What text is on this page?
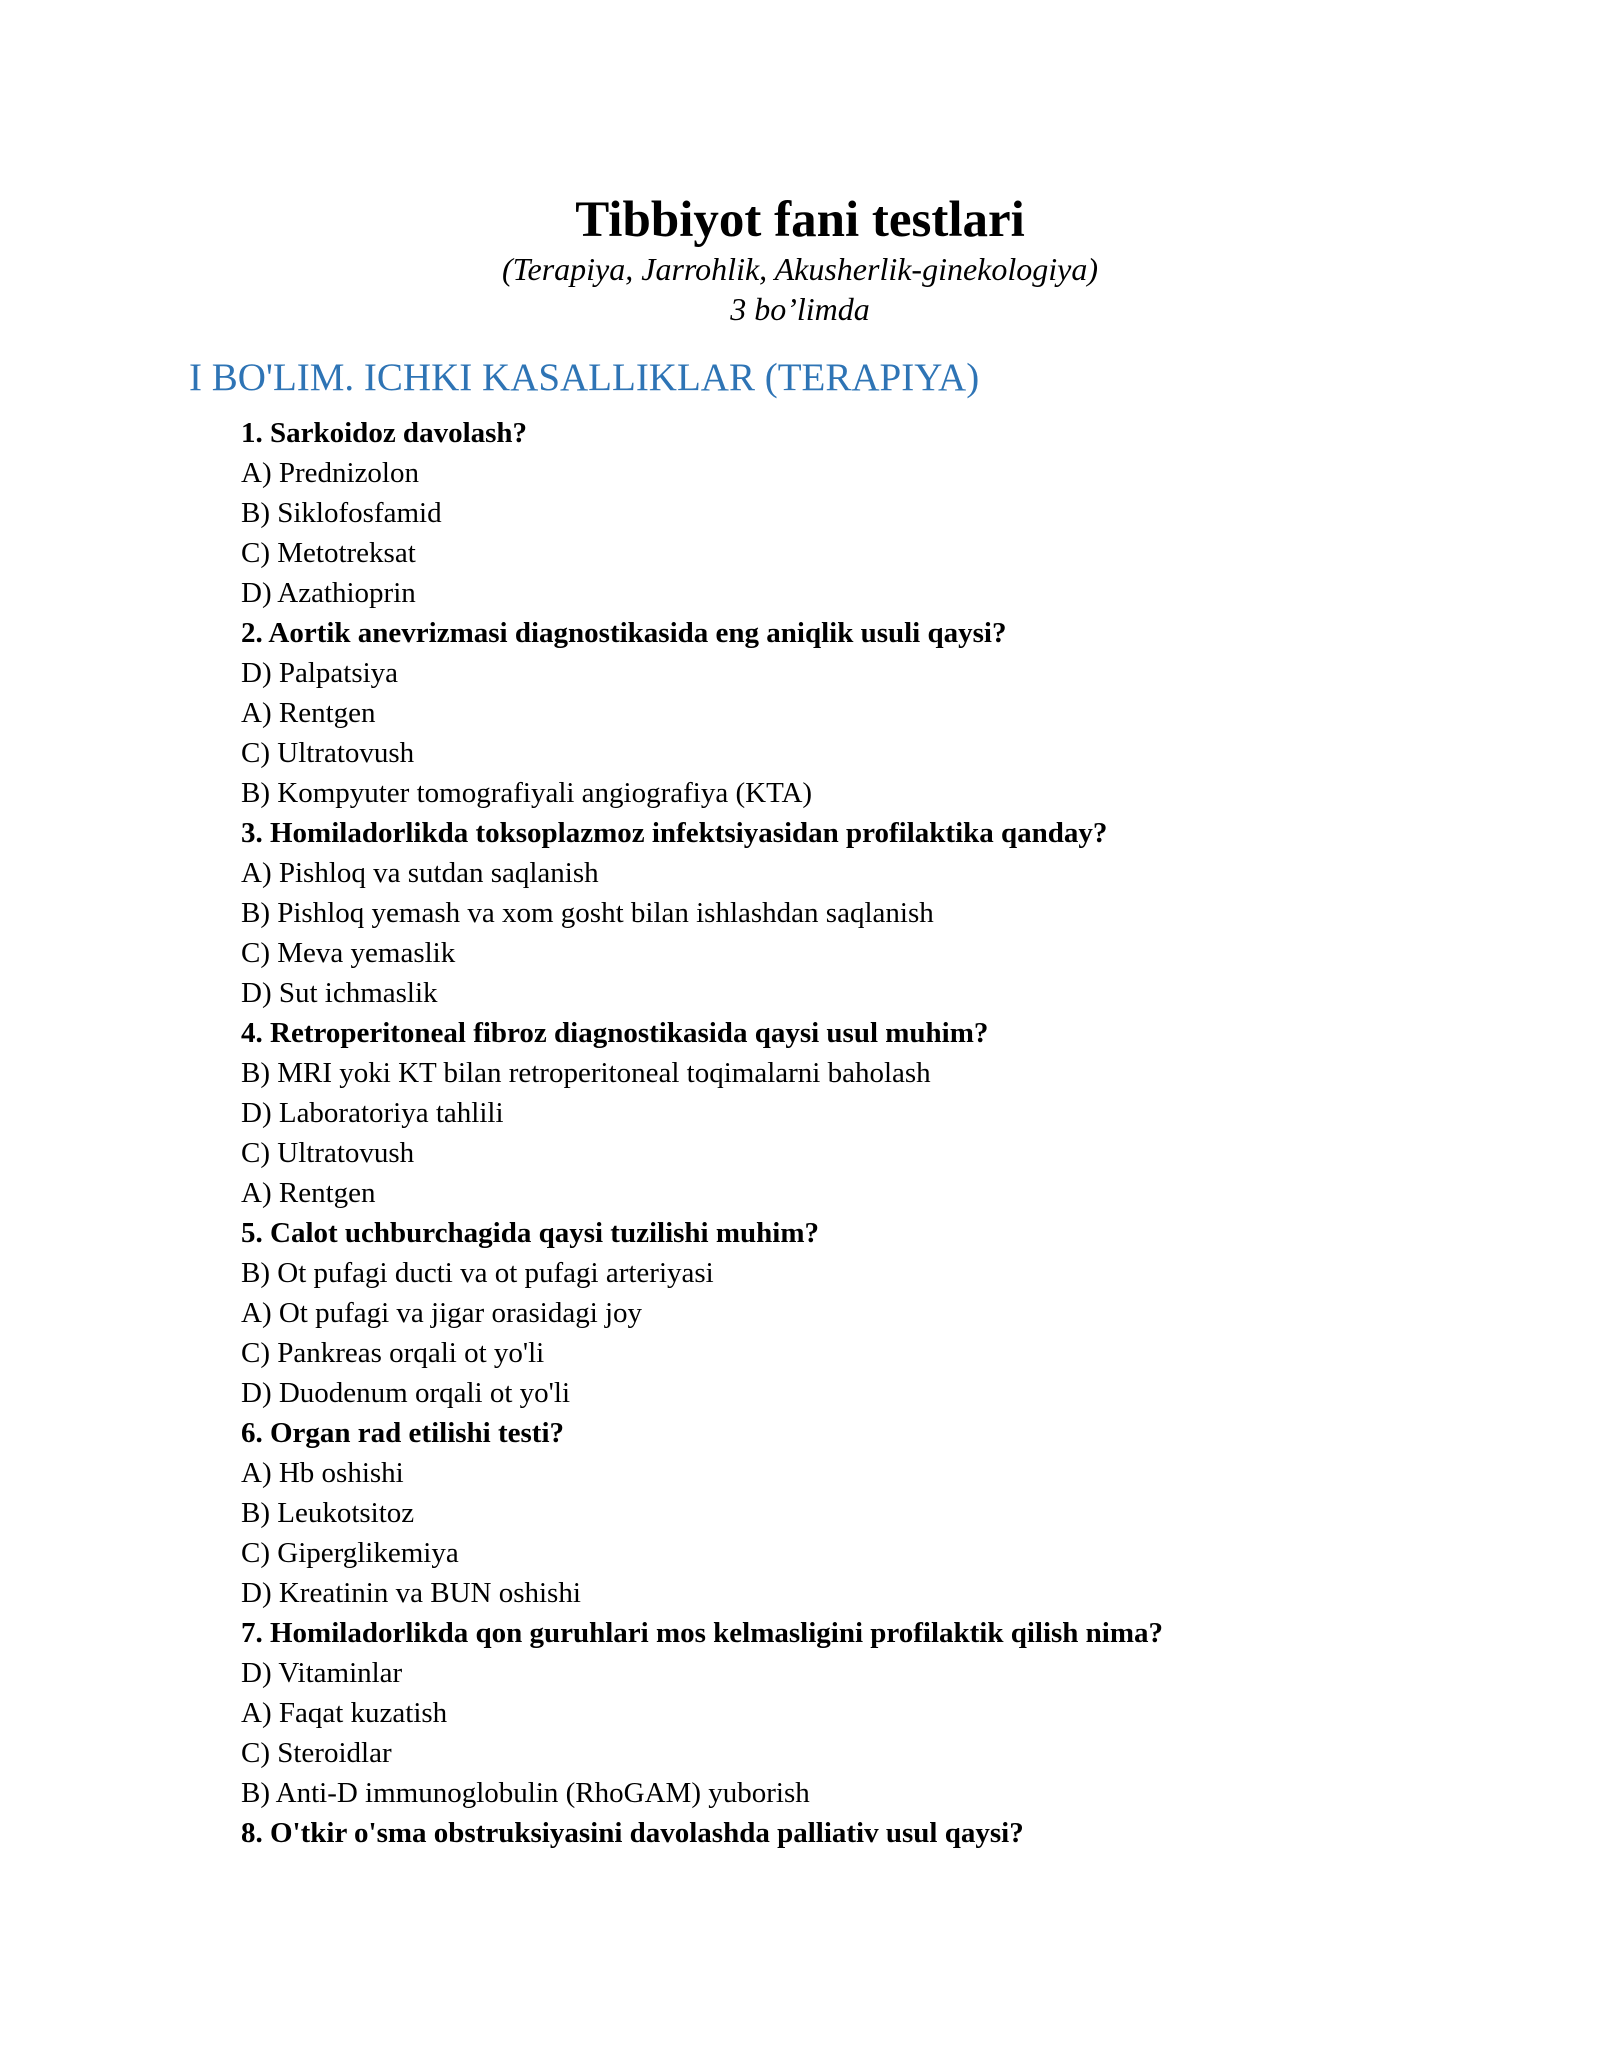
Tibbiyot fani testlari
(Terapiya, Jarrohlik, Akusherlik-ginekologiya)
3 bo’limda
I BO'LIM. ICHKI KASALLIKLAR (TERAPIYA)
1. Sarkoidoz davolash?
A) Prednizolon
B) Siklofosfamid
C) Metotreksat
D) Azathioprin
2. Aortik anevrizmasi diagnostikasida eng aniqlik usuli qaysi?
D) Palpatsiya
A) Rentgen
C) Ultratovush
B) Kompyuter tomografiyali angiografiya (KTA)
3. Homiladorlikda toksoplazmoz infektsiyasidan profilaktika qanday?
A) Pishloq va sutdan saqlanish
B) Pishloq yemash va xom gosht bilan ishlashdan saqlanish
C) Meva yemaslik
D) Sut ichmaslik
4. Retroperitoneal fibroz diagnostikasida qaysi usul muhim?
B) MRI yoki KT bilan retroperitoneal toqimalarni baholash
D) Laboratoriya tahlili
C) Ultratovush
A) Rentgen
5. Calot uchburchagida qaysi tuzilishi muhim?
B) Ot pufagi ducti va ot pufagi arteriyasi
A) Ot pufagi va jigar orasidagi joy
C) Pankreas orqali ot yo'li
D) Duodenum orqali ot yo'li
6. Organ rad etilishi testi?
A) Hb oshishi
B) Leukotsitoz
C) Giperglikemiya
D) Kreatinin va BUN oshishi
7. Homiladorlikda qon guruhlari mos kelmasligini profilaktik qilish nima?
D) Vitaminlar
A) Faqat kuzatish
C) Steroidlar
B) Anti-D immunoglobulin (RhoGAM) yuborish
8. O'tkir o'sma obstruksiyasini davolashda palliativ usul qaysi?
